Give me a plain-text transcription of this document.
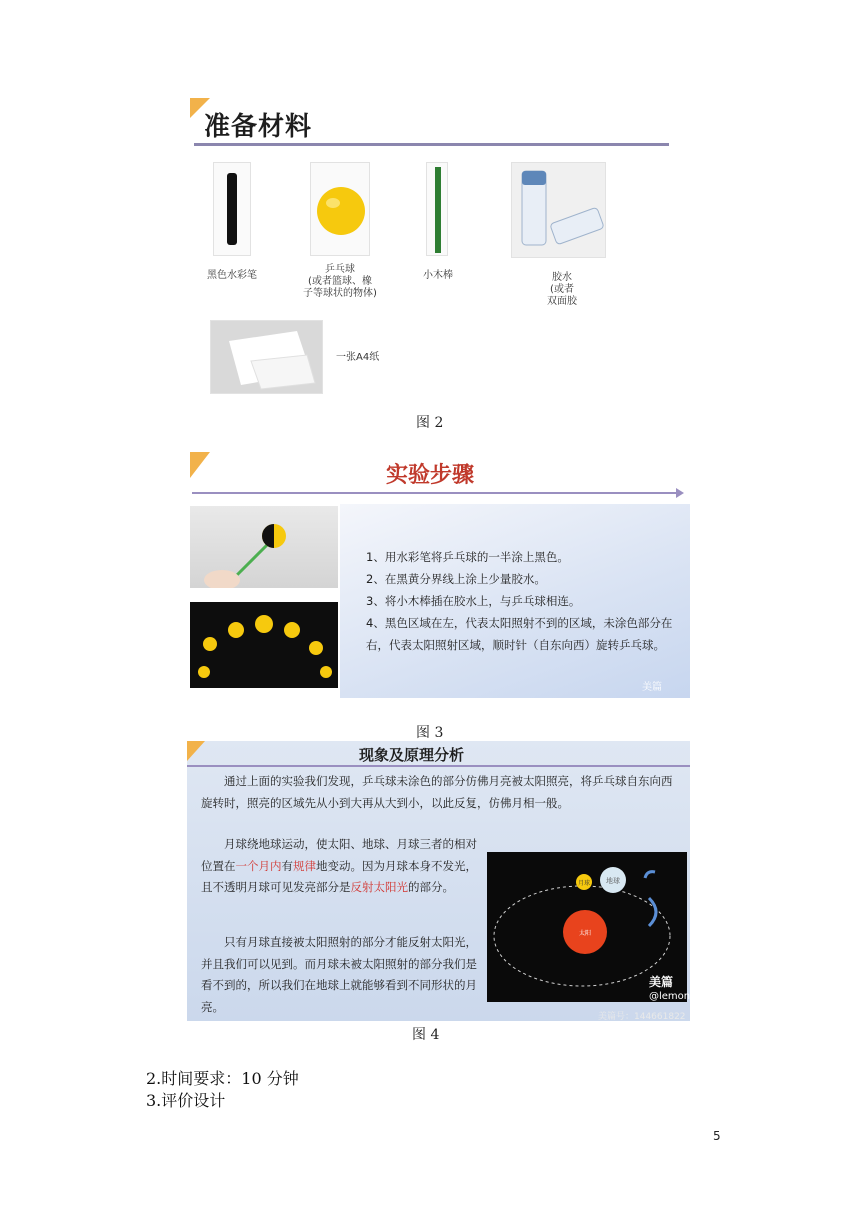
准备材料
黑色水彩笔
乒乓球
(或者篮球、橡
子等球状的物体)
小木棒	胶水
(或者
双面胶
一张A4纸
图 2
实验步骤
1、用水彩笔将乒乓球的一半涂上黑色。
2、在黑黄分界线上涂上少量胶水。
3、将小木棒插在胶水上，与乒乓球相连。
4、黑色区域在左，代表太阳照射不到的区域，未涂色部分在右，代表太阳照射区域，顺时针（自东向西）旋转乒乓球。
美篇
图 3
现象及原理分析
通过上面的实验我们发现，乒乓球未涂色的部分仿佛月亮被太阳照亮，将乒乓球自东向西旋转时，照亮的区域先从小到大再从大到小，以此反复，仿佛月相一般。
月球绕地球运动，使太阳、地球、月球三者的相对位置在一个月内有规律地变动。因为月球本身不发光，且不透明月球可见发亮部分是反射太阳光的部分。
只有月球直接被太阳照射的部分才能反射太阳光，并且我们可以见到。而月球未被太阳照射的部分我们是看不到的，所以我们在地球上就能够看到不同形状的月亮。
太阳
地球
月球
美篇
@lemon
美篇号：144661822
图 4
2.时间要求：10 分钟
3.评价设计
5
